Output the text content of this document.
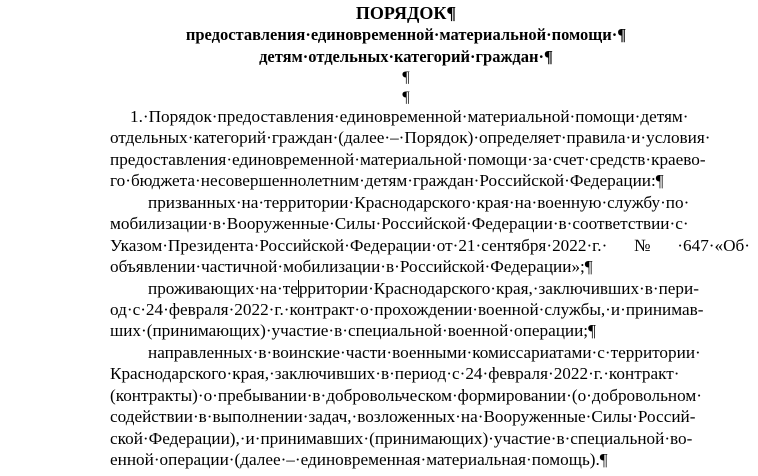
ПОРЯДОК¶
предоставления·единовременной·материальной·помощи·¶
детям·отдельных·категорий·граждан·¶
¶
¶
1.·Порядок·предоставления·единовременной·материальной·помощи·детям·
отдельных·категорий·граждан·(далее·–·Порядок)·определяет·правила·и·условия·
предоставления·единовременной·материальной·помощи·за·счет·средств·краево-
го·бюджета·несовершеннолетним·детям·граждан·Российской·Федерации:¶
призванных·на·территории·Краснодарского·края·на·военную·службу·по·
мобилизации·в·Вооруженные·Силы·Российской·Федерации·в·соответствии·с·
Указом·Президента·Российской·Федерации·от·21·сентября·2022·г.·№·647·«Об·
объявлении·частичной·мобилизации·в·Российской·Федерации»;¶
проживающих·на·территории·Краснодарского·края,·заключивших·в·пери-
од·с·24·февраля·2022·г.·контракт·о·прохождении·военной·службы,·и·принимав-
ших·(принимающих)·участие·в·специальной·военной·операции;¶
направленных·в·воинские·части·военными·комиссариатами·с·территории·
Краснодарского·края,·заключивших·в·период·с·24·февраля·2022·г.·контракт·
(контракты)·о·пребывании·в·добровольческом·формировании·(о·добровольном·
содействии·в·выполнении·задач,·возложенных·на·Вооруженные·Силы·Россий-
ской·Федерации),·и·принимавших·(принимающих)·участие·в·специальной·во-
енной·операции·(далее·–·единовременная·материальная·помощь).¶
